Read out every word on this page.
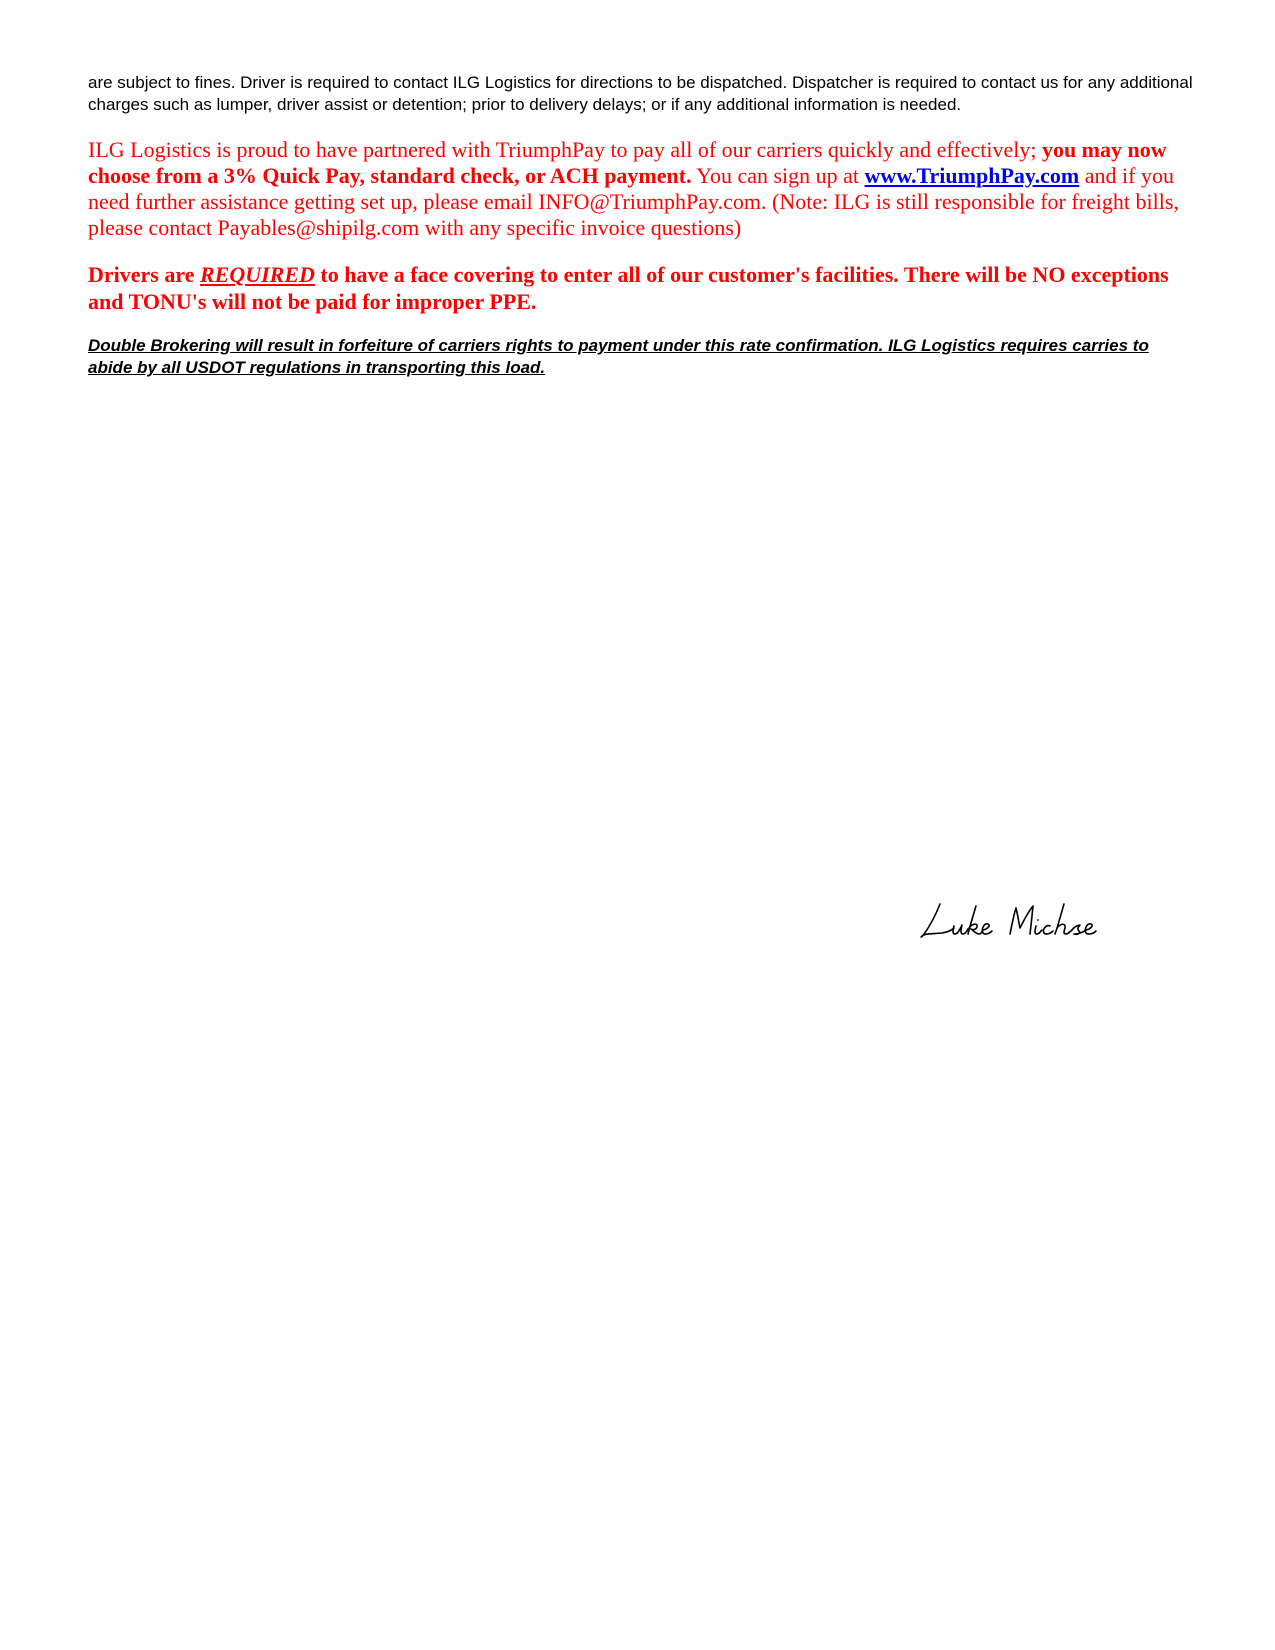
are subject to fines. Driver is required to contact ILG Logistics for directions to be dispatched. Dispatcher is required to contact us for any additional charges such as lumper, driver assist or detention; prior to delivery delays; or if any additional information is needed.

ILG Logistics is proud to have partnered with TriumphPay to pay all of our carriers quickly and effectively; you may now choose from a 3% Quick Pay, standard check, or ACH payment. You can sign up at www.TriumphPay.com and if you need further assistance getting set up, please email INFO@TriumphPay.com. (Note: ILG is still responsible for freight bills, please contact Payables@shipilg.com with any specific invoice questions)

Drivers are REQUIRED to have a face covering to enter all of our customer's facilities. There will be NO exceptions and TONU's will not be paid for improper PPE.

Double Brokering will result in forfeiture of carriers rights to payment under this rate confirmation. ILG Logistics requires carries to abide by all USDOT regulations in transporting this load.
